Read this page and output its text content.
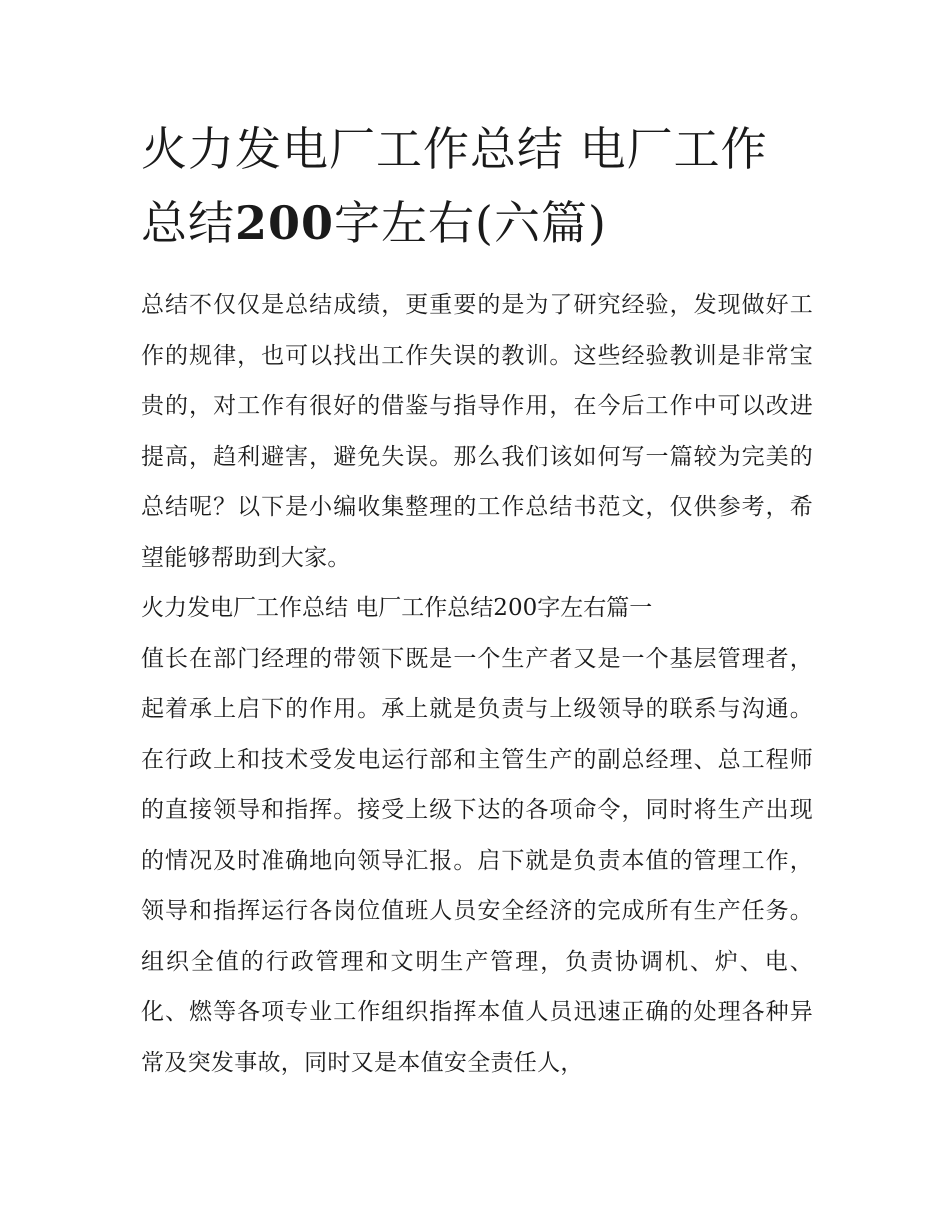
火力发电厂工作总结 电厂工作总结200字左右(六篇)

总结不仅仅是总结成绩，更重要的是为了研究经验，发现做好工作的规律，也可以找出工作失误的教训。这些经验教训是非常宝贵的，对工作有很好的借鉴与指导作用，在今后工作中可以改进提高，趋利避害，避免失误。那么我们该如何写一篇较为完美的总结呢？以下是小编收集整理的工作总结书范文，仅供参考，希望能够帮助到大家。

火力发电厂工作总结 电厂工作总结200字左右篇一

值长在部门经理的带领下既是一个生产者又是一个基层管理者，起着承上启下的作用。承上就是负责与上级领导的联系与沟通。在行政上和技术受发电运行部和主管生产的副总经理、总工程师的直接领导和指挥。接受上级下达的各项命令，同时将生产出现的情况及时准确地向领导汇报。启下就是负责本值的管理工作，领导和指挥运行各岗位值班人员安全经济的完成所有生产任务。组织全值的行政管理和文明生产管理，负责协调机、炉、电、化、燃等各项专业工作组织指挥本值人员迅速正确的处理各种异常及突发事故，同时又是本值安全责任人，
